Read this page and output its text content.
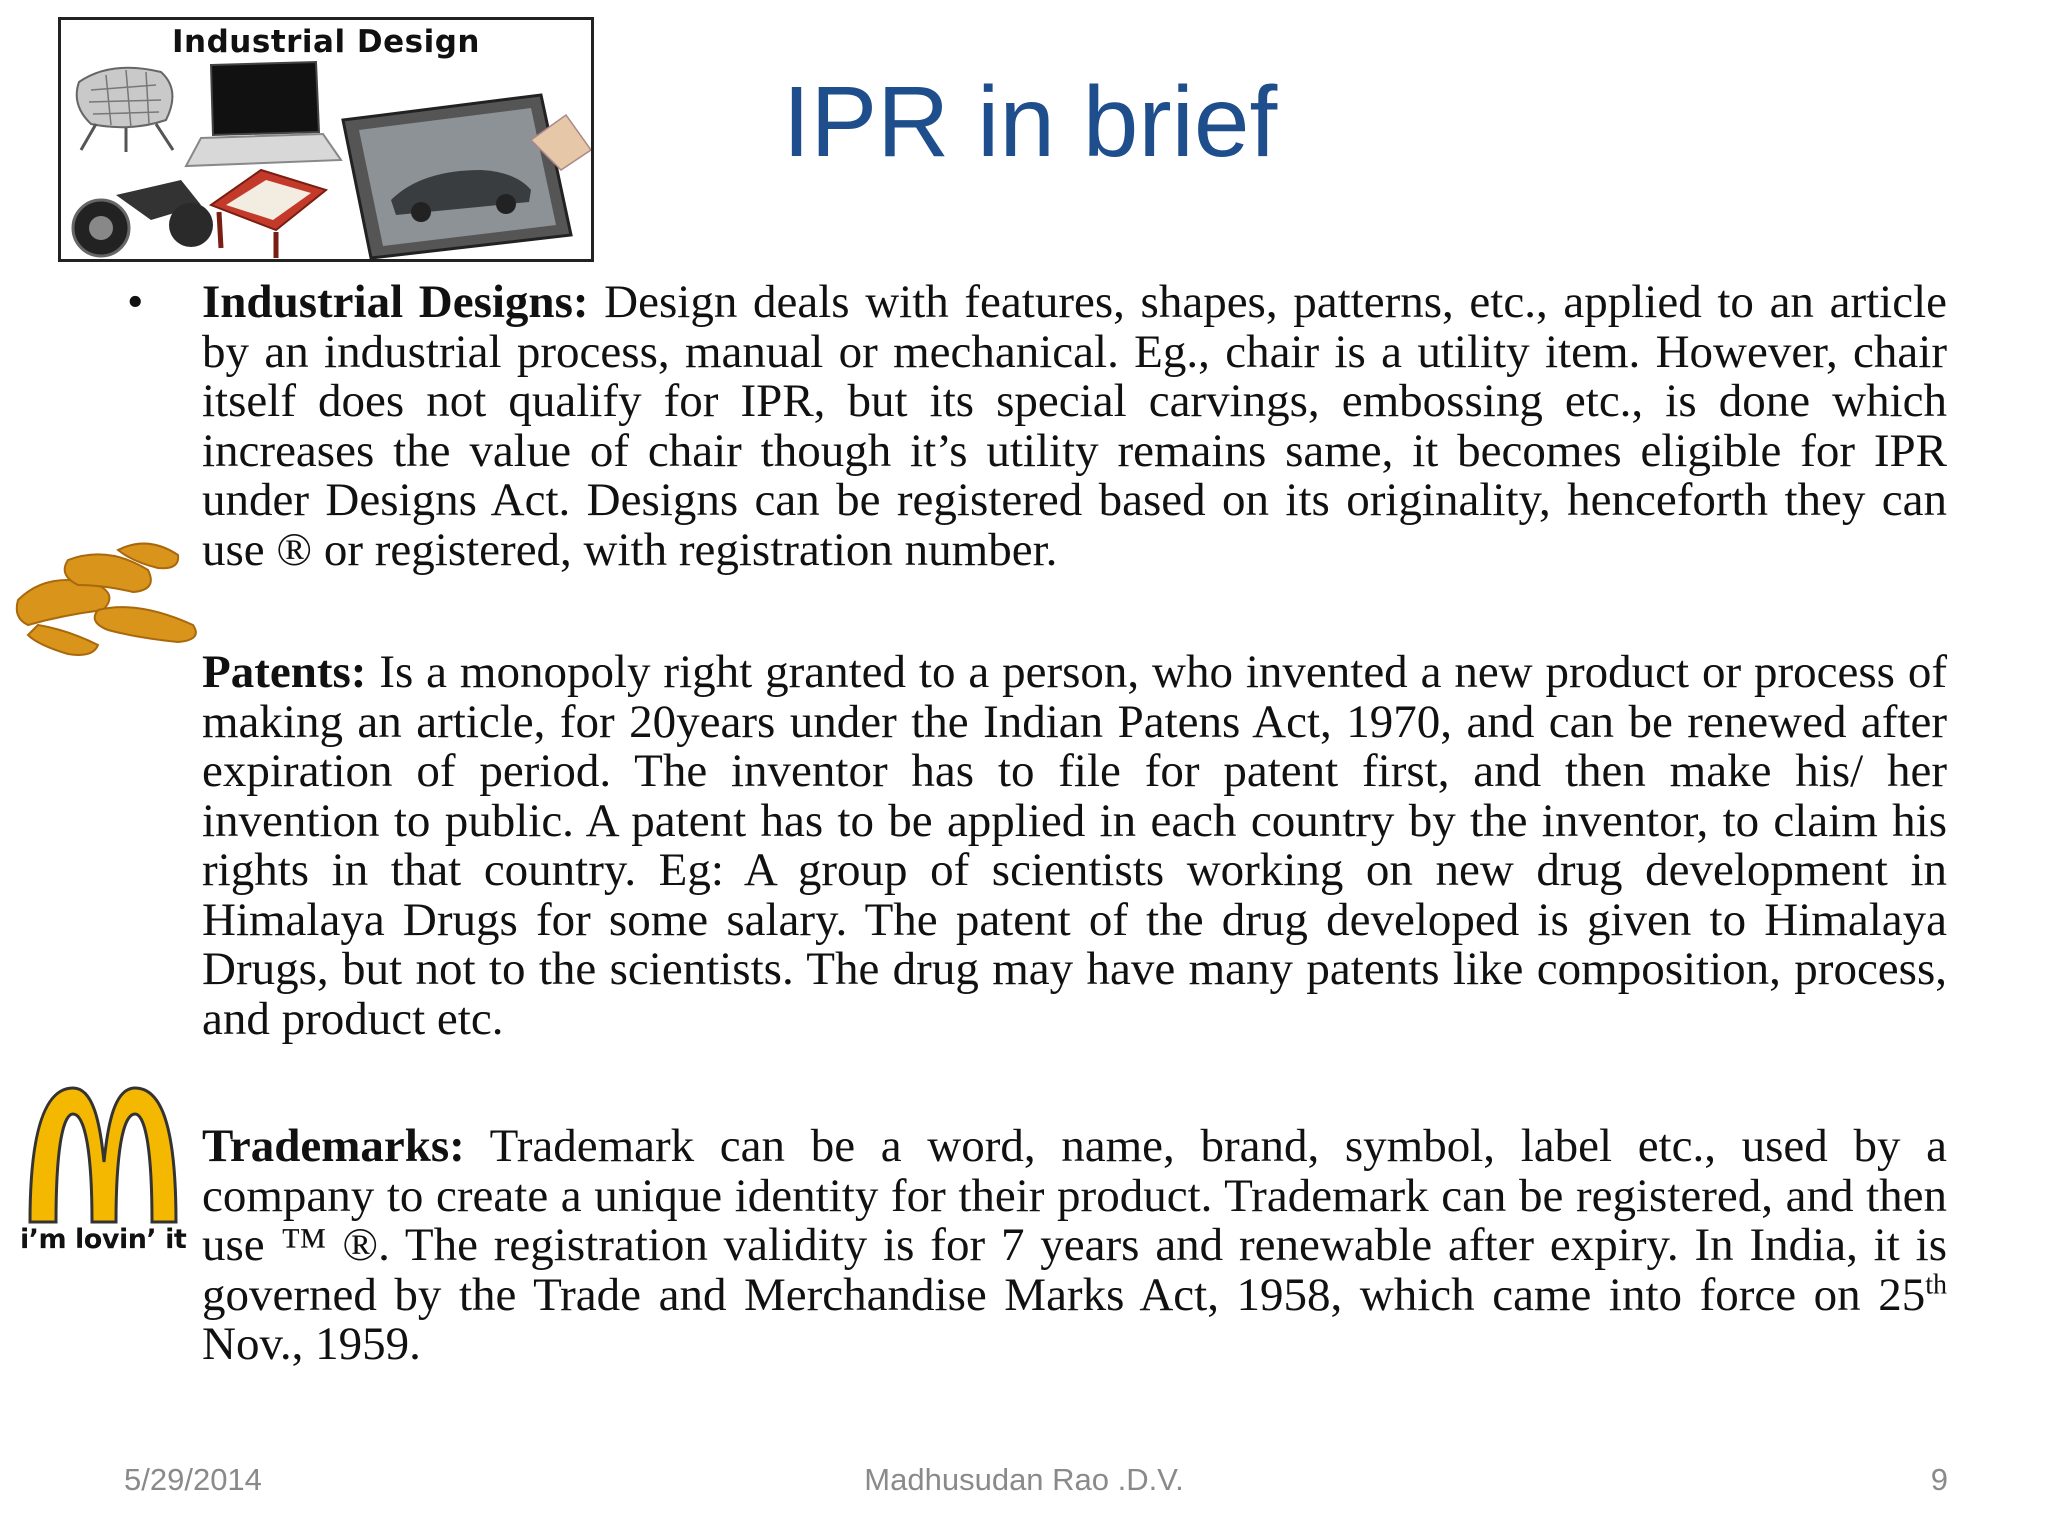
Industrial Design
IPR in brief
i’m lovin’ it

• Industrial Designs: Design deals with features, shapes, patterns, etc., applied to an article by an industrial process, manual or mechanical. Eg., chair is a utility item. However, chair itself does not qualify for IPR, but its special carvings, embossing etc., is done which increases the value of chair though it’s utility remains same, it becomes eligible for IPR under Designs Act. Designs can be registered based on its originality, henceforth they can use ® or registered, with registration number.

Patents: Is a monopoly right granted to a person, who invented a new product or process of making an article, for 20years under the Indian Patens Act, 1970, and can be renewed after expiration of period. The inventor has to file for patent first, and then make his/ her invention to public. A patent has to be applied in each country by the inventor, to claim his rights in that country. Eg: A group of scientists working on new drug development in Himalaya Drugs for some salary. The patent of the drug developed is given to Himalaya Drugs, but not to the scientists. The drug may have many patents like composition, process, and product etc.

Trademarks: Trademark can be a word, name, brand, symbol, label etc., used by a company to create a unique identity for their product. Trademark can be registered, and then use ™ ®. The registration validity is for 7 years and renewable after expiry. In India, it is governed by the Trade and Merchandise Marks Act, 1958, which came into force on 25th Nov., 1959.

5/29/2014	Madhusudan Rao .D.V.	9
